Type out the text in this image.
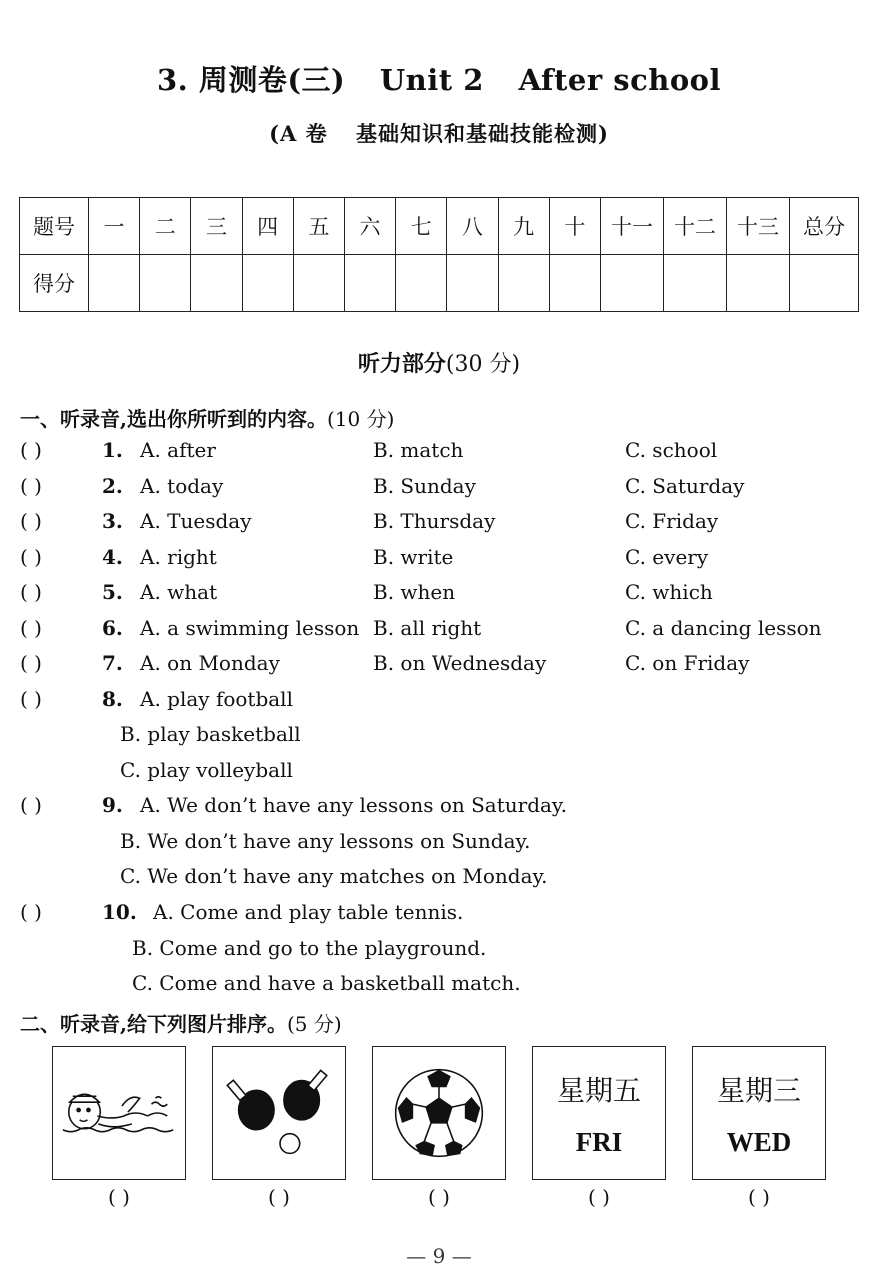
3. 周测卷(三) Unit 2 After school
(A 卷 基础知识和基础技能检测)
题号	一	二	三	四	五	六	七	八	九	十	十一	十二	十三	总分
得分														
听力部分(30 分)
一、听录音,选出你所听到的内容。(10 分)
( )	1. A. after	B. match	C. school
( )	2. A. today	B. Sunday	C. Saturday
( )	3. A. Tuesday	B. Thursday	C. Friday
( )	4. A. right	B. write	C. every
( )	5. A. what	B. when	C. which
( )	6. A. a swimming lesson B. all right	C. a dancing lesson
( )	7. A. on Monday	B. on Wednesday	C. on Friday
( )	8. A. play football
B. play basketball
C. play volleyball
( )	9. A. We don’t have any lessons on Saturday.
B. We don’t have any lessons on Sunday.
C. We don’t have any matches on Monday.
( )	10. A. Come and play table tennis.
B. Come and go to the playground.
C. Come and have a basketball match.
二、听录音,给下列图片排序。(5 分)
星期五
FRI
星期三
WED
( )	( )	( )	( )	( )
— 9 —
